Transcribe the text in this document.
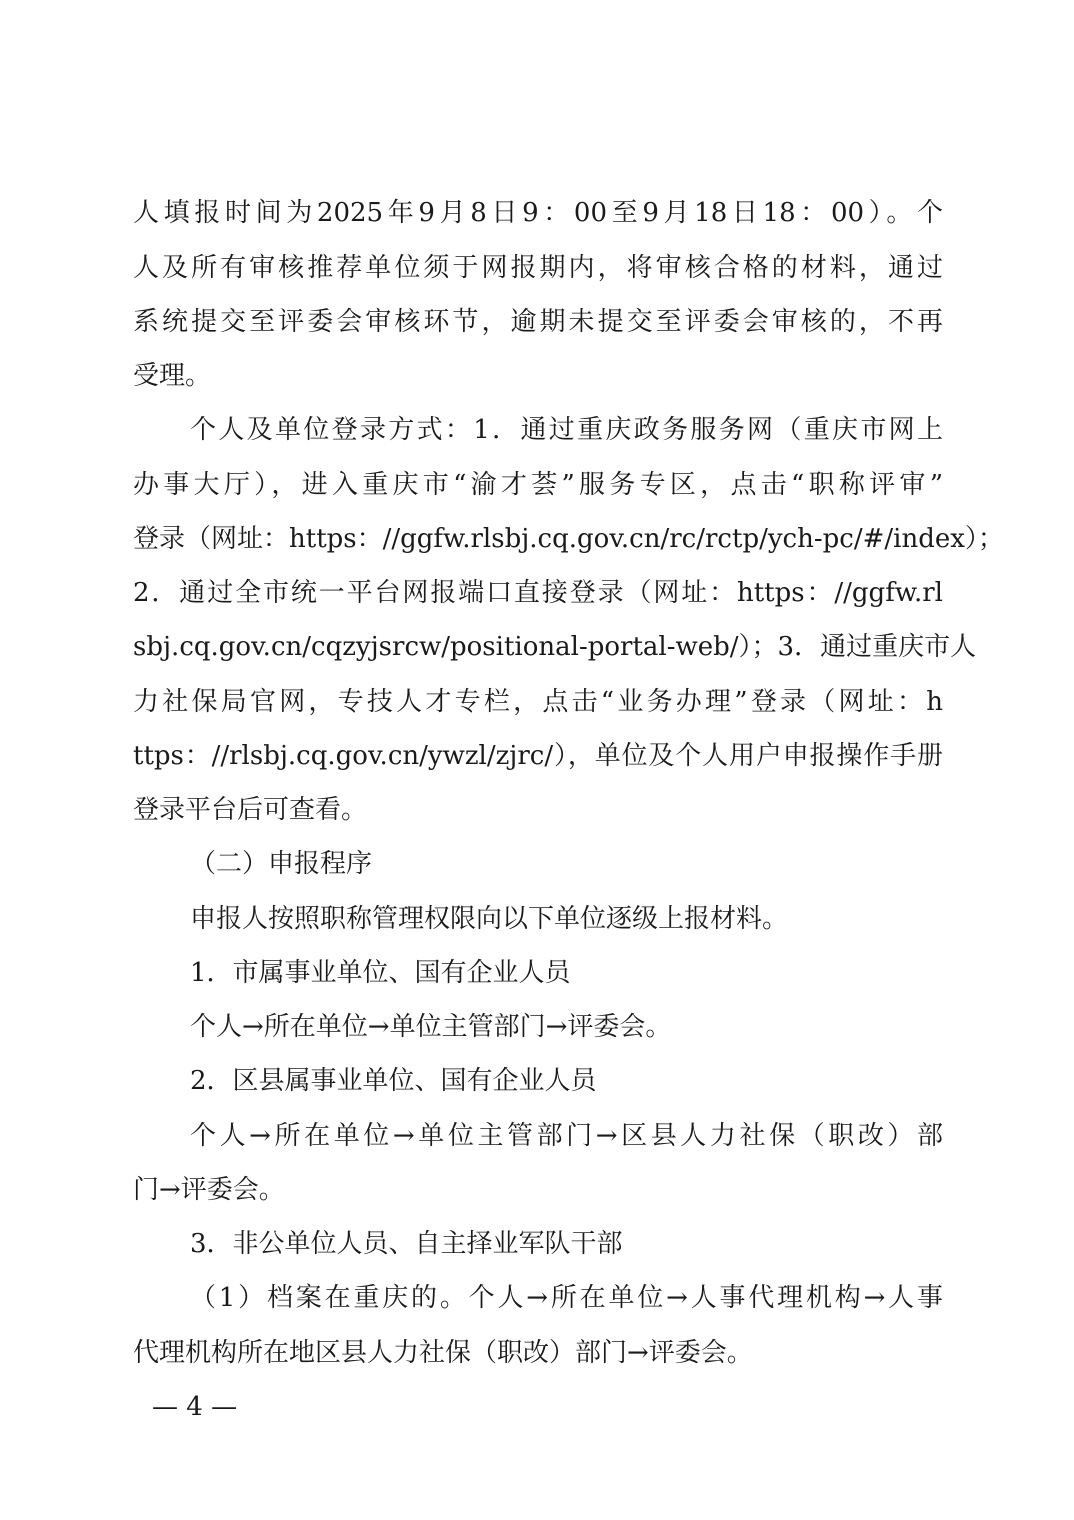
人填报时间为2025年9月8日9：00至9月18日18：00）。个
人及所有审核推荐单位须于网报期内，将审核合格的材料，通过
系统提交至评委会审核环节，逾期未提交至评委会审核的，不再
受理。
个人及单位登录方式：1．通过重庆政务服务网（重庆市网上
办事大厅），进入重庆市“渝才荟”服务专区，点击“职称评审”
登录（网址：https：//ggfw.rlsbj.cq.gov.cn/rc/rctp/ych-pc/#/index）；
2．通过全市统一平台网报端口直接登录（网址：https：//ggfw.rl
sbj.cq.gov.cn/cqzyjsrcw/positional-portal-web/）；3．通过重庆市人
力社保局官网，专技人才专栏，点击“业务办理”登录（网址：h
ttps：//rlsbj.cq.gov.cn/ywzl/zjrc/），单位及个人用户申报操作手册
登录平台后可查看。
（二）申报程序
申报人按照职称管理权限向以下单位逐级上报材料。
1．市属事业单位、国有企业人员
个人→所在单位→单位主管部门→评委会。
2．区县属事业单位、国有企业人员
个人→所在单位→单位主管部门→区县人力社保（职改）部
门→评委会。
3．非公单位人员、自主择业军队干部
（1）档案在重庆的。个人→所在单位→人事代理机构→人事
代理机构所在地区县人力社保（职改）部门→评委会。
— 4 —
